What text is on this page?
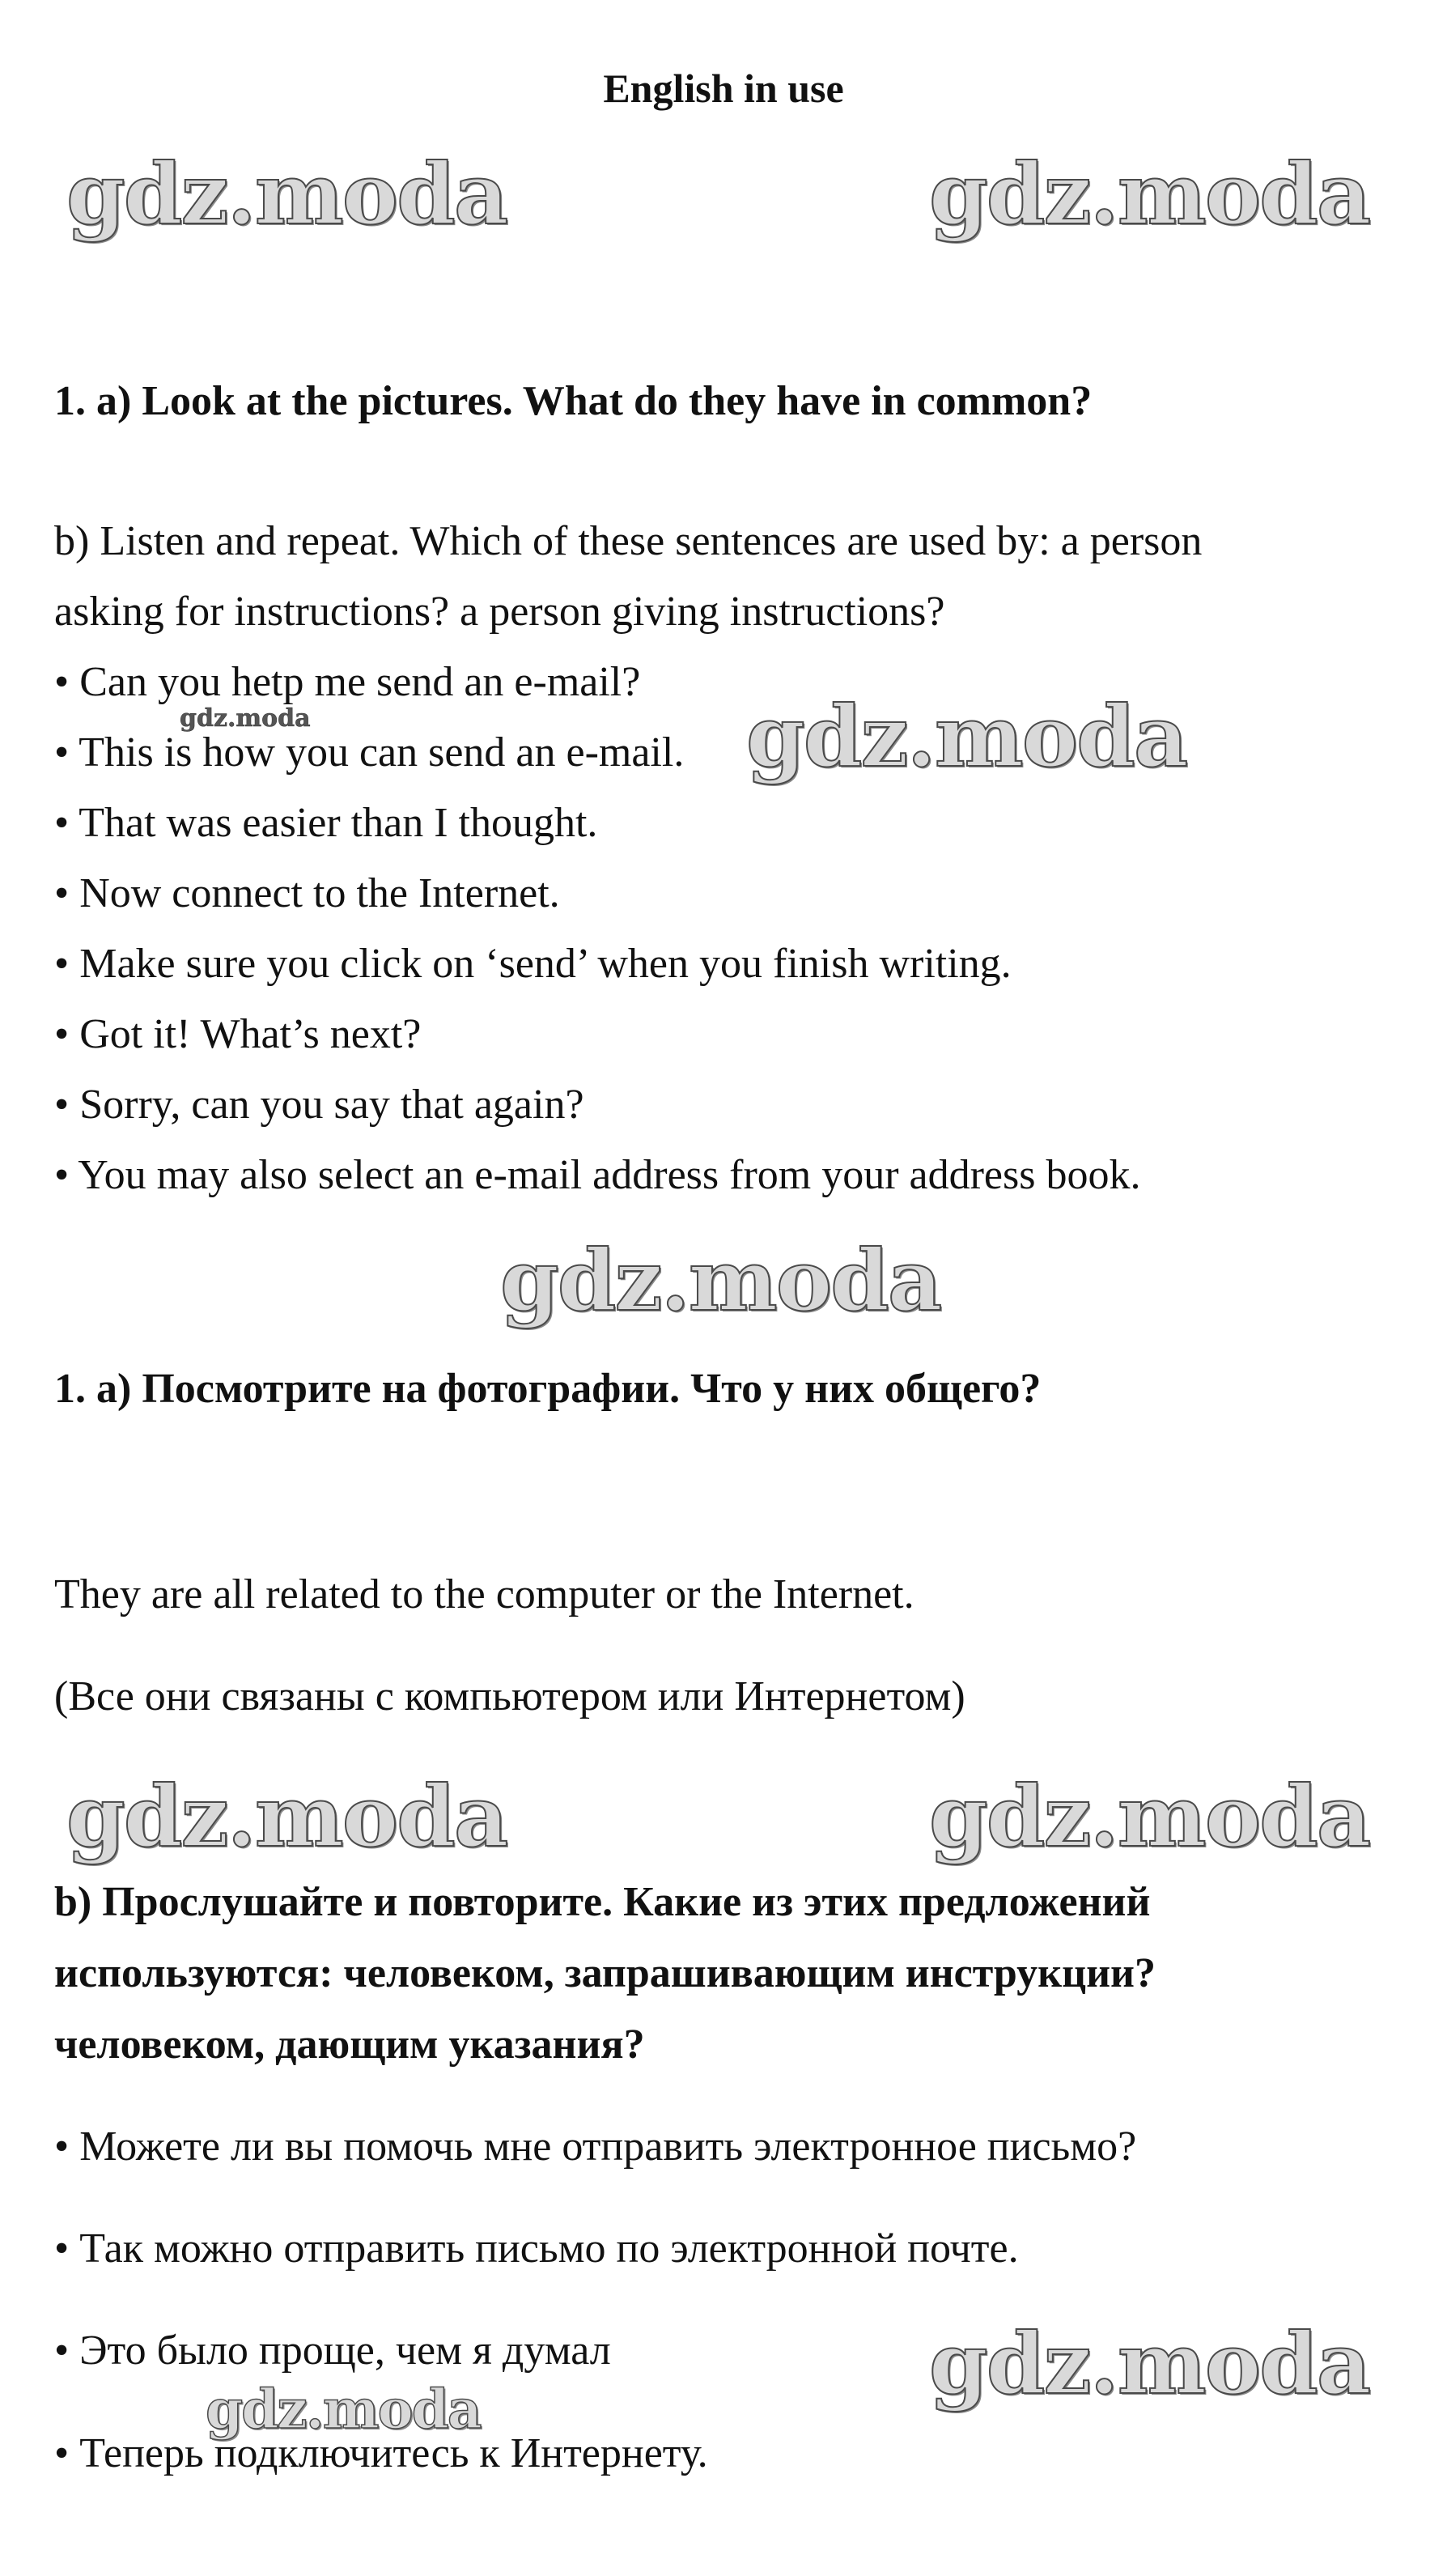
English in use
gdz.moda	gdz.moda
gdz.moda	gdz.moda
gdz.moda
gdz.moda	gdz.moda
gdz.moda
gdz.moda
1. a) Look at the pictures. What do they have in common?
b) Listen and repeat. Which of these sentences are used by: a person
asking for instructions? a person giving instructions?
• Can you hetp me send an e-mail?
• This is how you can send an e-mail.
• That was easier than I thought.
• Now connect to the Internet.
• Make sure you click on ‘send’ when you finish writing.
• Got it! What’s next?
• Sorry, can you say that again?
• You may also select an e-mail address from your address book.
1. а) Посмотрите на фотографии. Что у них общего?
They are all related to the computer or the Internet.
(Все они связаны с компьютером или Интернетом)
b) Прослушайте и повторите. Какие из этих предложений
используются: человеком, запрашивающим инструкции?
человеком, дающим указания?
• Можете ли вы помочь мне отправить электронное письмо?
• Так можно отправить письмо по электронной почте.
• Это было проще, чем я думал
• Теперь подключитесь к Интернету.
